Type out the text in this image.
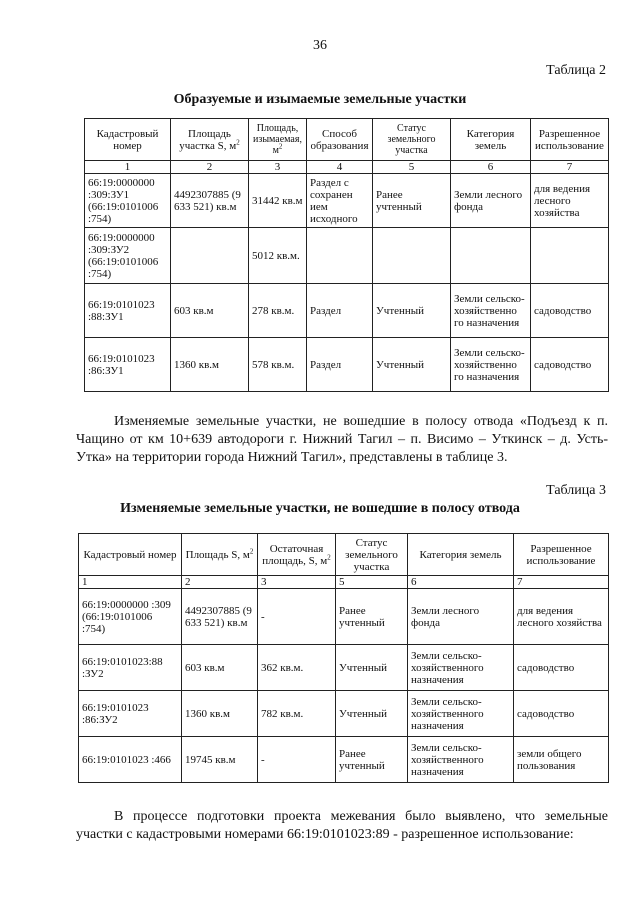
36
Таблица 2
Образуемые и изымаемые земельные участки
Кадастровый номер	Площадь участка S, $м^2$	Площадь, изымаемая, $м^2$	Способ образования	Статус земельного участка	Категория земель	Разрешенное использование
1	2	3	4	5	6	7
66:19:0000000 :309:ЗУ1 (66:19:0101006 :754)	4492307885 (9 633 521) кв.м	31442 кв.м	Раздел с сохранен ием исходного	Ранее учтенный	Земли лесного фонда	для ведения лесного хозяйства
66:19:0000000 :309:ЗУ2 (66:19:0101006 :754)		5012 кв.м.				
66:19:0101023 :88:ЗУ1	603 кв.м	278 кв.м.	Раздел	Учтенный	Земли сельско- хозяйственно го назначения	садоводство
66:19:0101023 :86:ЗУ1	1360 кв.м	578 кв.м.	Раздел	Учтенный	Земли сельско- хозяйственно го назначения	садоводство

Изменяемые земельные участки, не вошедшие в полосу отвода «Подъезд к п. Чащино от км 10+639 автодороги г. Нижний Тагил – п. Висимо – Уткинск – д. Усть-Утка» на территории города Нижний Тагил», представлены в таблице 3.

Таблица 3
Изменяемые земельные участки, не вошедшие в полосу отвода
Кадастровый номер	Площадь S, $м^2$	Остаточная площадь, S, $м^2$	Статус земельного участка	Категория земель	Разрешенное использование
1	2	3	5	6	7
66:19:0000000 :309 (66:19:0101006 :754)	4492307885 (9 633 521) кв.м	-	Ранее учтенный	Земли лесного фонда	для ведения лесного хозяйства
66:19:0101023:88 :ЗУ2	603 кв.м	362 кв.м.	Учтенный	Земли сельско- хозяйственного назначения	садоводство
66:19:0101023 :86:ЗУ2	1360 кв.м	782 кв.м.	Учтенный	Земли сельско- хозяйственного назначения	садоводство
66:19:0101023 :466	19745 кв.м	-	Ранее учтенный	Земли сельско- хозяйственного назначения	земли общего пользования

В процессе подготовки проекта межевания было выявлено, что земельные участки с кадастровыми номерами 66:19:0101023:89 - разрешенное использование:
